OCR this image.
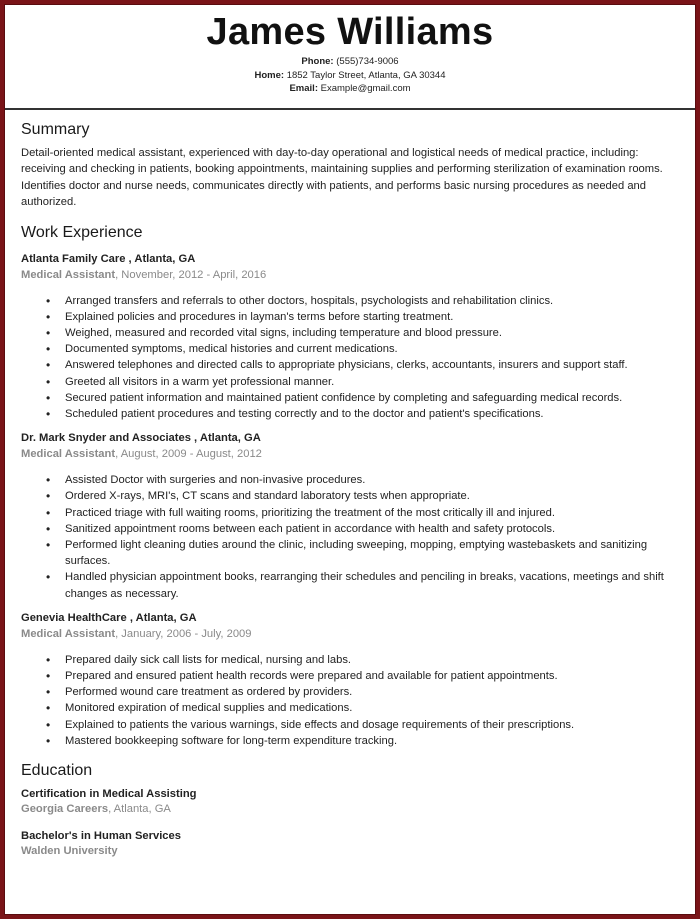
James Williams
Phone: (555)734-9006
Home: 1852 Taylor Street, Atlanta, GA 30344
Email: Example@gmail.com
Summary
Detail-oriented medical assistant, experienced with day-to-day operational and logistical needs of medical practice, including: receiving and checking in patients, booking appointments, maintaining supplies and performing sterilization of examination rooms. Identifies doctor and nurse needs, communicates directly with patients, and performs basic nursing procedures as needed and authorized.
Work Experience
Atlanta Family Care , Atlanta, GA
Medical Assistant, November, 2012 - April, 2016
• Arranged transfers and referrals to other doctors, hospitals, psychologists and rehabilitation clinics.
• Explained policies and procedures in layman's terms before starting treatment.
• Weighed, measured and recorded vital signs, including temperature and blood pressure.
• Documented symptoms, medical histories and current medications.
• Answered telephones and directed calls to appropriate physicians, clerks, accountants, insurers and support staff.
• Greeted all visitors in a warm yet professional manner.
• Secured patient information and maintained patient confidence by completing and safeguarding medical records.
• Scheduled patient procedures and testing correctly and to the doctor and patient's specifications.
Dr. Mark Snyder and Associates , Atlanta, GA
Medical Assistant, August, 2009 - August, 2012
• Assisted Doctor with surgeries and non-invasive procedures.
• Ordered X-rays, MRI's, CT scans and standard laboratory tests when appropriate.
• Practiced triage with full waiting rooms, prioritizing the treatment of the most critically ill and injured.
• Sanitized appointment rooms between each patient in accordance with health and safety protocols.
• Performed light cleaning duties around the clinic, including sweeping, mopping, emptying wastebaskets and sanitizing surfaces.
• Handled physician appointment books, rearranging their schedules and penciling in breaks, vacations, meetings and shift changes as necessary.
Genevia HealthCare , Atlanta, GA
Medical Assistant, January, 2006 - July, 2009
• Prepared daily sick call lists for medical, nursing and labs.
• Prepared and ensured patient health records were prepared and available for patient appointments.
• Performed wound care treatment as ordered by providers.
• Monitored expiration of medical supplies and medications.
• Explained to patients the various warnings, side effects and dosage requirements of their prescriptions.
• Mastered bookkeeping software for long-term expenditure tracking.
Education
Certification in Medical Assisting
Georgia Careers, Atlanta, GA
Bachelor's in Human Services
Walden University
